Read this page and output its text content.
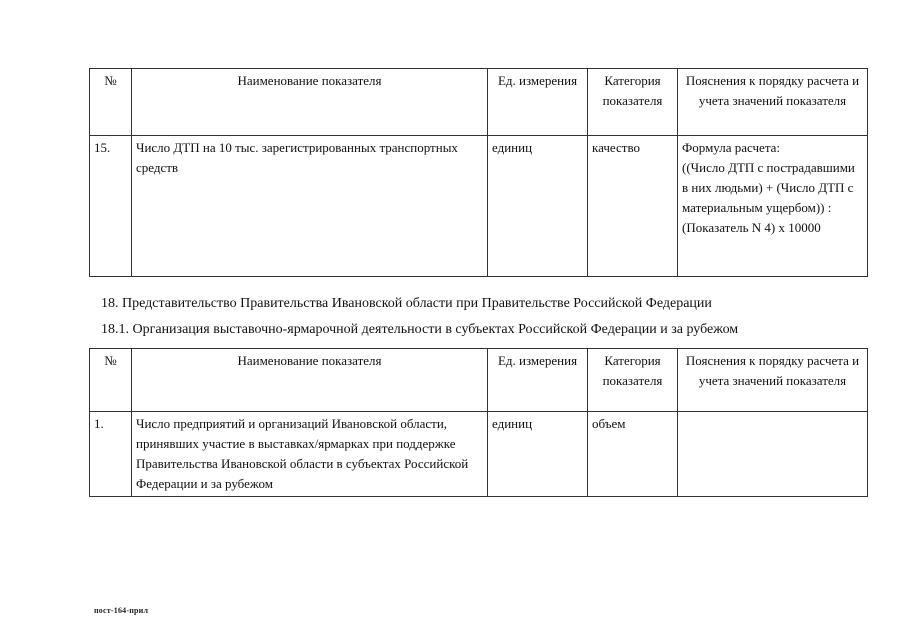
№	Наименование показателя	Ед. измерения	Категория показателя	Пояснения к порядку расчета и учета значений показателя
15.	Число ДТП на 10 тыс. зарегистрированных транспортных средств	единиц	качество	Формула расчета:
((Число ДТП с пострадавшими в них людьми) + (Число ДТП с материальным ущербом)) : (Показатель N 4) x 10000
18. Представительство Правительства Ивановской области при Правительстве Российской Федерации
18.1. Организация выставочно-ярмарочной деятельности в субъектах Российской Федерации и за рубежом
№	Наименование показателя	Ед. измерения	Категория показателя	Пояснения к порядку расчета и учета значений показателя
1.	Число предприятий и организаций Ивановской области, принявших участие в выставках/ярмарках при поддержке Правительства Ивановской области в субъектах Российской Федерации и за рубежом	единиц	объем	
пост-164-прил
